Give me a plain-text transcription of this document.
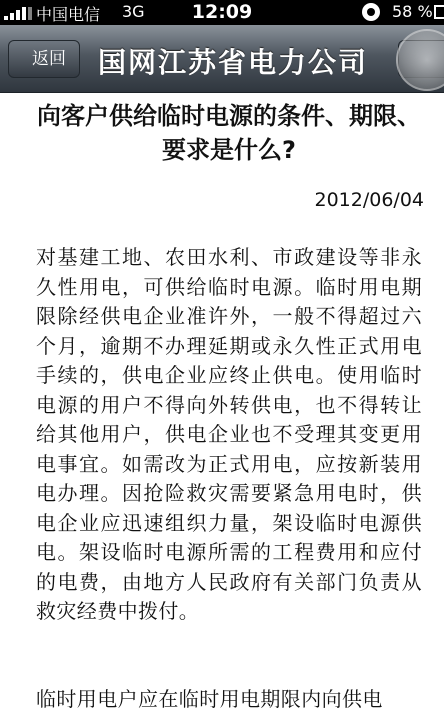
中国电信 3G	12:09	58 %
返回	国网江苏省电力公司
向客户供给临时电源的条件、期限、要求是什么?
2012/06/04

对基建工地、农田水利、市政建设等非永久性用电，可供给临时电源。临时用电期限除经供电企业准许外，一般不得超过六个月，逾期不办理延期或永久性正式用电手续的，供电企业应终止供电。使用临时电源的用户不得向外转供电，也不得转让给其他用户，供电企业也不受理其变更用电事宜。如需改为正式用电，应按新装用电办理。因抢险救灾需要紧急用电时，供电企业应迅速组织力量，架设临时电源供电。架设临时电源所需的工程费用和应付的电费，由地方人民政府有关部门负责从救灾经费中拨付。

临时用电户应在临时用电期限内向供电
